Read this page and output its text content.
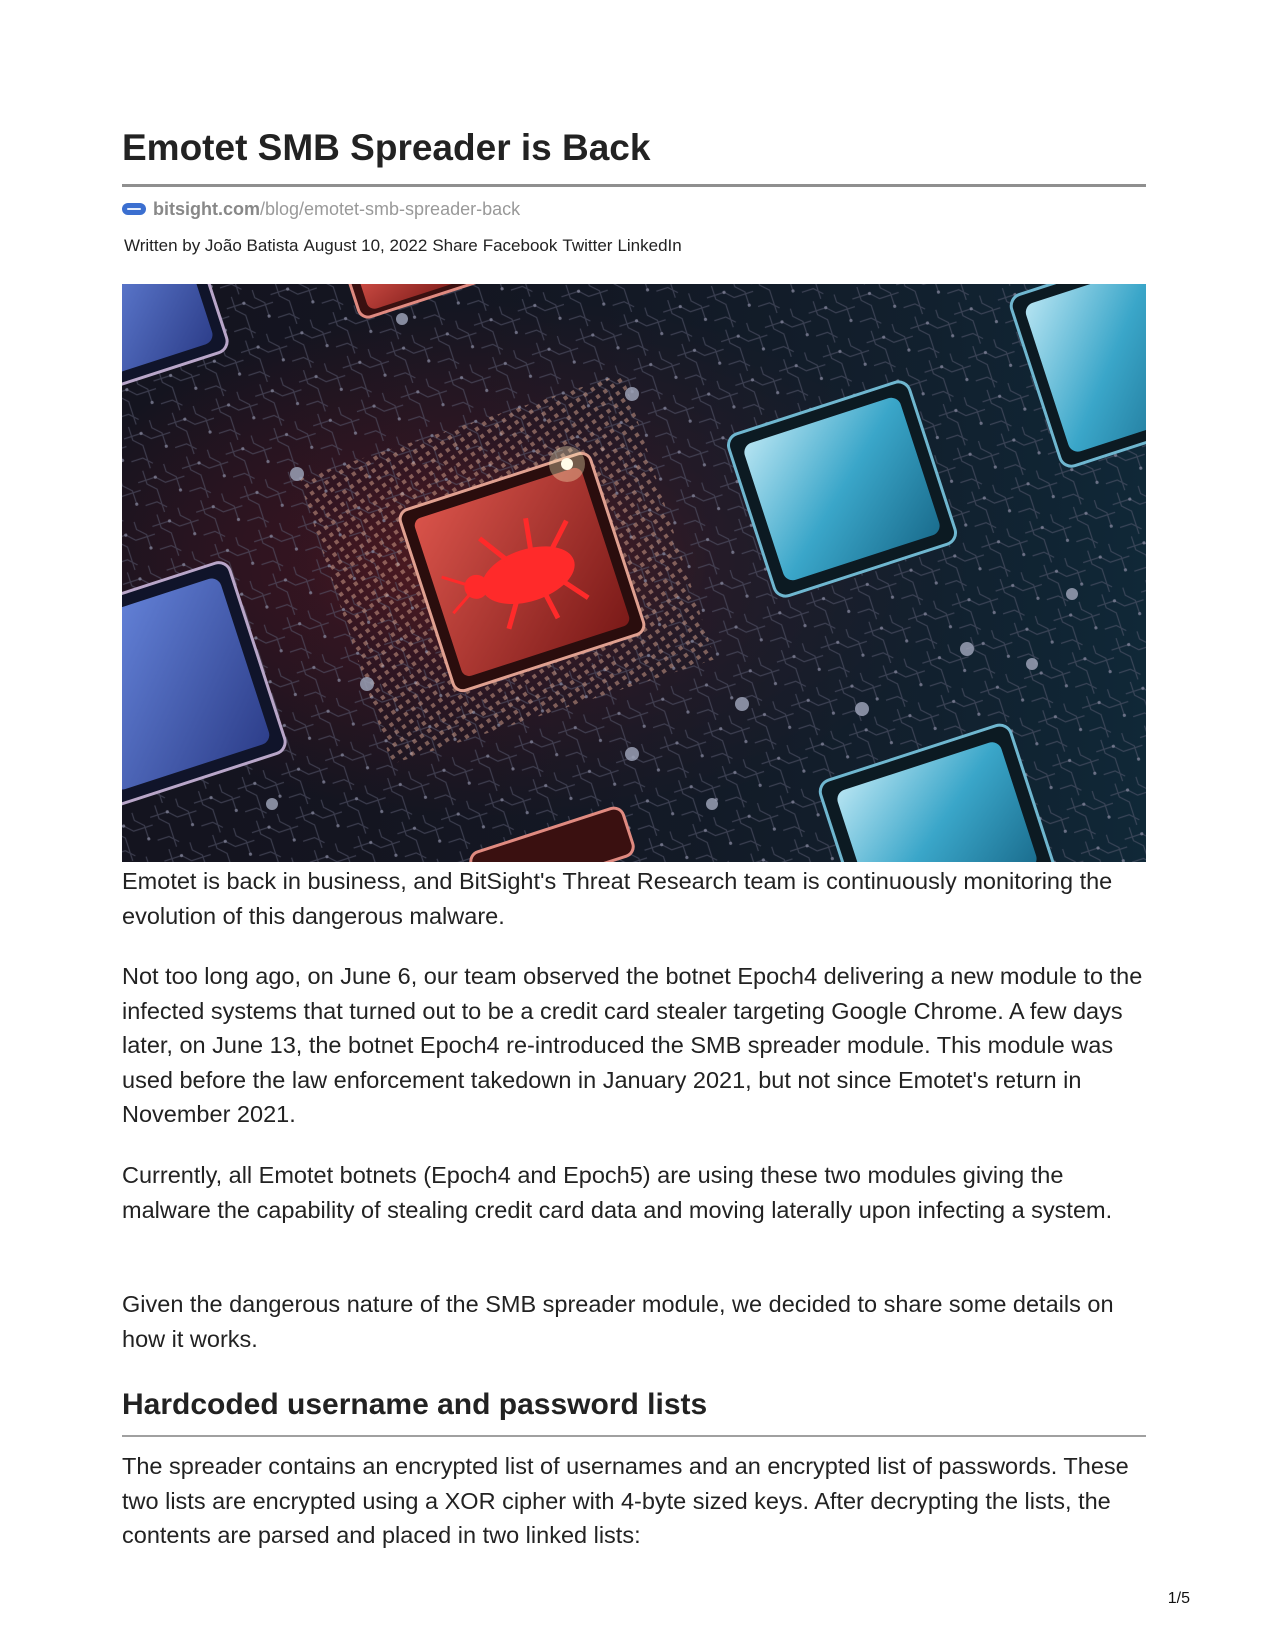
Emotet SMB Spreader is Back
bitsight.com /blog/emotet-smb-spreader-back
Written by João Batista August 10, 2022 Share Facebook Twitter LinkedIn

Emotet is back in business, and BitSight's Threat Research team is continuously monitoring the evolution of this dangerous malware.

Not too long ago, on June 6, our team observed the botnet Epoch4 delivering a new module to the infected systems that turned out to be a credit card stealer targeting Google Chrome. A few days later, on June 13, the botnet Epoch4 re-introduced the SMB spreader module. This module was used before the law enforcement takedown in January 2021, but not since Emotet's return in November 2021.

Currently, all Emotet botnets (Epoch4 and Epoch5) are using these two modules giving the malware the capability of stealing credit card data and moving laterally upon infecting a system.

Given the dangerous nature of the SMB spreader module, we decided to share some details on how it works.

Hardcoded username and password lists

The spreader contains an encrypted list of usernames and an encrypted list of passwords. These two lists are encrypted using a XOR cipher with 4-byte sized keys. After decrypting the lists, the contents are parsed and placed in two linked lists:

1/5
